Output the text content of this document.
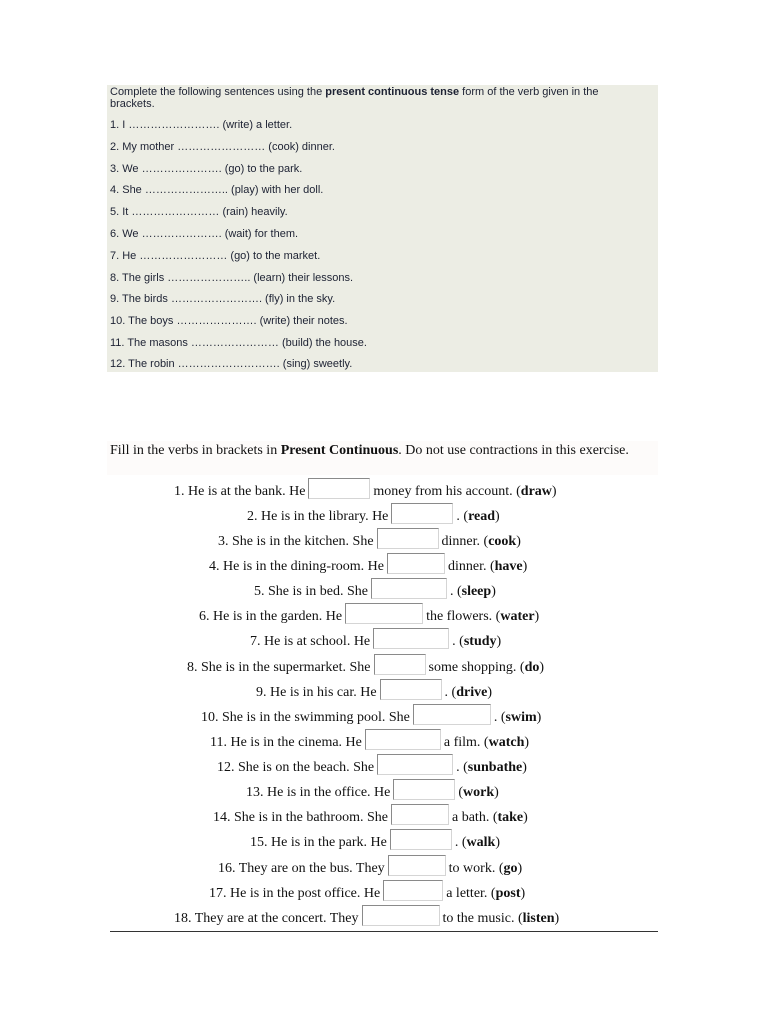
Complete the following sentences using the present continuous tense form of the verb given in the brackets.
1. I ……………………. (write) a letter.
2. My mother …………………… (cook) dinner.
3. We …………………. (go) to the park.
4. She ………………….. (play) with her doll.
5. It …………………… (rain) heavily.
6. We …………………. (wait) for them.
7. He …………………… (go) to the market.
8. The girls ………………….. (learn) their lessons.
9. The birds ……………………. (fly) in the sky.
10. The boys …………………. (write) their notes.
11. The masons …………………… (build) the house.
12. The robin ………………………. (sing) sweetly.
Fill in the verbs in brackets in Present Continuous. Do not use contractions in this exercise.
1. He is at the bank. He	money from his account. ( draw )
2. He is in the library. He	. ( read )
3. She is in the kitchen. She	dinner. ( cook )
4. He is in the dining-room. He	dinner. ( have )
5. She is in bed. She	. ( sleep )
6. He is in the garden. He	the flowers. ( water )
7. He is at school. He	. ( study )
8. She is in the supermarket. She	some shopping. ( do )
9. He is in his car. He	. ( drive )
10. She is in the swimming pool. She	. ( swim )
11. He is in the cinema. He	a film. ( watch )
12. She is on the beach. She	. ( sunbathe )
13. He is in the office. He	( work )
14. She is in the bathroom. She	a bath. ( take )
15. He is in the park. He	. ( walk )
16. They are on the bus. They	to work. ( go )
17. He is in the post office. He	a letter. ( post )
18. They are at the concert. They	to the music. ( listen )
